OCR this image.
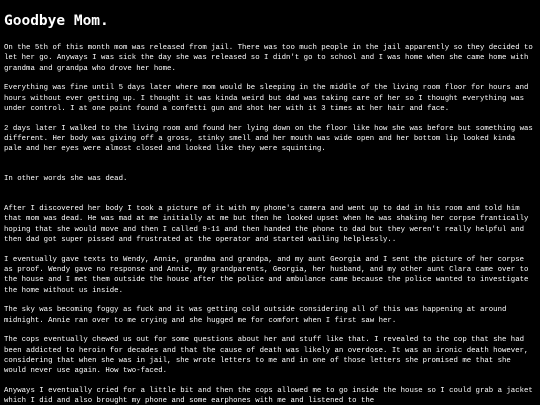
Goodbye Mom.

On the 5th of this month mom was released from jail. There was too much people in the jail apparently so they decided to let her go. Anyways I was sick the day she was released so I didn't go to school and I was home when she came home with grandma and grandpa who drove her home.

Everything was fine until 5 days later where mom would be sleeping in the middle of the living room floor for hours and hours without ever getting up. I thought it was kinda weird but dad was taking care of her so I thought everything was under control. I at one point found a confetti gun and shot her with it 3 times at her hair and face.

2 days later I walked to the living room and found her lying down on the floor like how she was before but something was different. Her body was giving off a gross, stinky smell and her mouth was wide open and her bottom lip looked kinda pale and her eyes were almost closed and looked like they were squinting.

In other words she was dead.

After I discovered her body I took a picture of it with my phone's camera and went up to dad in his room and told him that mom was dead. He was mad at me initially at me but then he looked upset when he was shaking her corpse frantically hoping that she would move and then I called 9-11 and then handed the phone to dad but they weren't really helpful and then dad got super pissed and frustrated at the operator and started wailing helplessly..

I eventually gave texts to Wendy, Annie, grandma and grandpa, and my aunt Georgia and I sent the picture of her corpse as proof. Wendy gave no response and Annie, my grandparents, Georgia, her husband, and my other aunt Clara came over to the house and I met them outside the house after the police and ambulance came because the police wanted to investigate the home without us inside.

The sky was becoming foggy as fuck and it was getting cold outside considering all of this was happening at around midnight. Annie ran over to me crying and she hugged me for comfort when I first saw her.

The cops eventually chewed us out for some questions about her and stuff like that. I revealed to the cop that she had been addicted to heroin for decades and that the cause of death was likely an overdose. It was an ironic death however, considering that when she was in jail, she wrote letters to me and in one of those letters she promised me that she would never use again. How two-faced.

Anyways I eventually cried for a little bit and then the cops allowed me to go inside the house so I could grab a jacket which I did and also brought my phone and some earphones with me and listened to the
